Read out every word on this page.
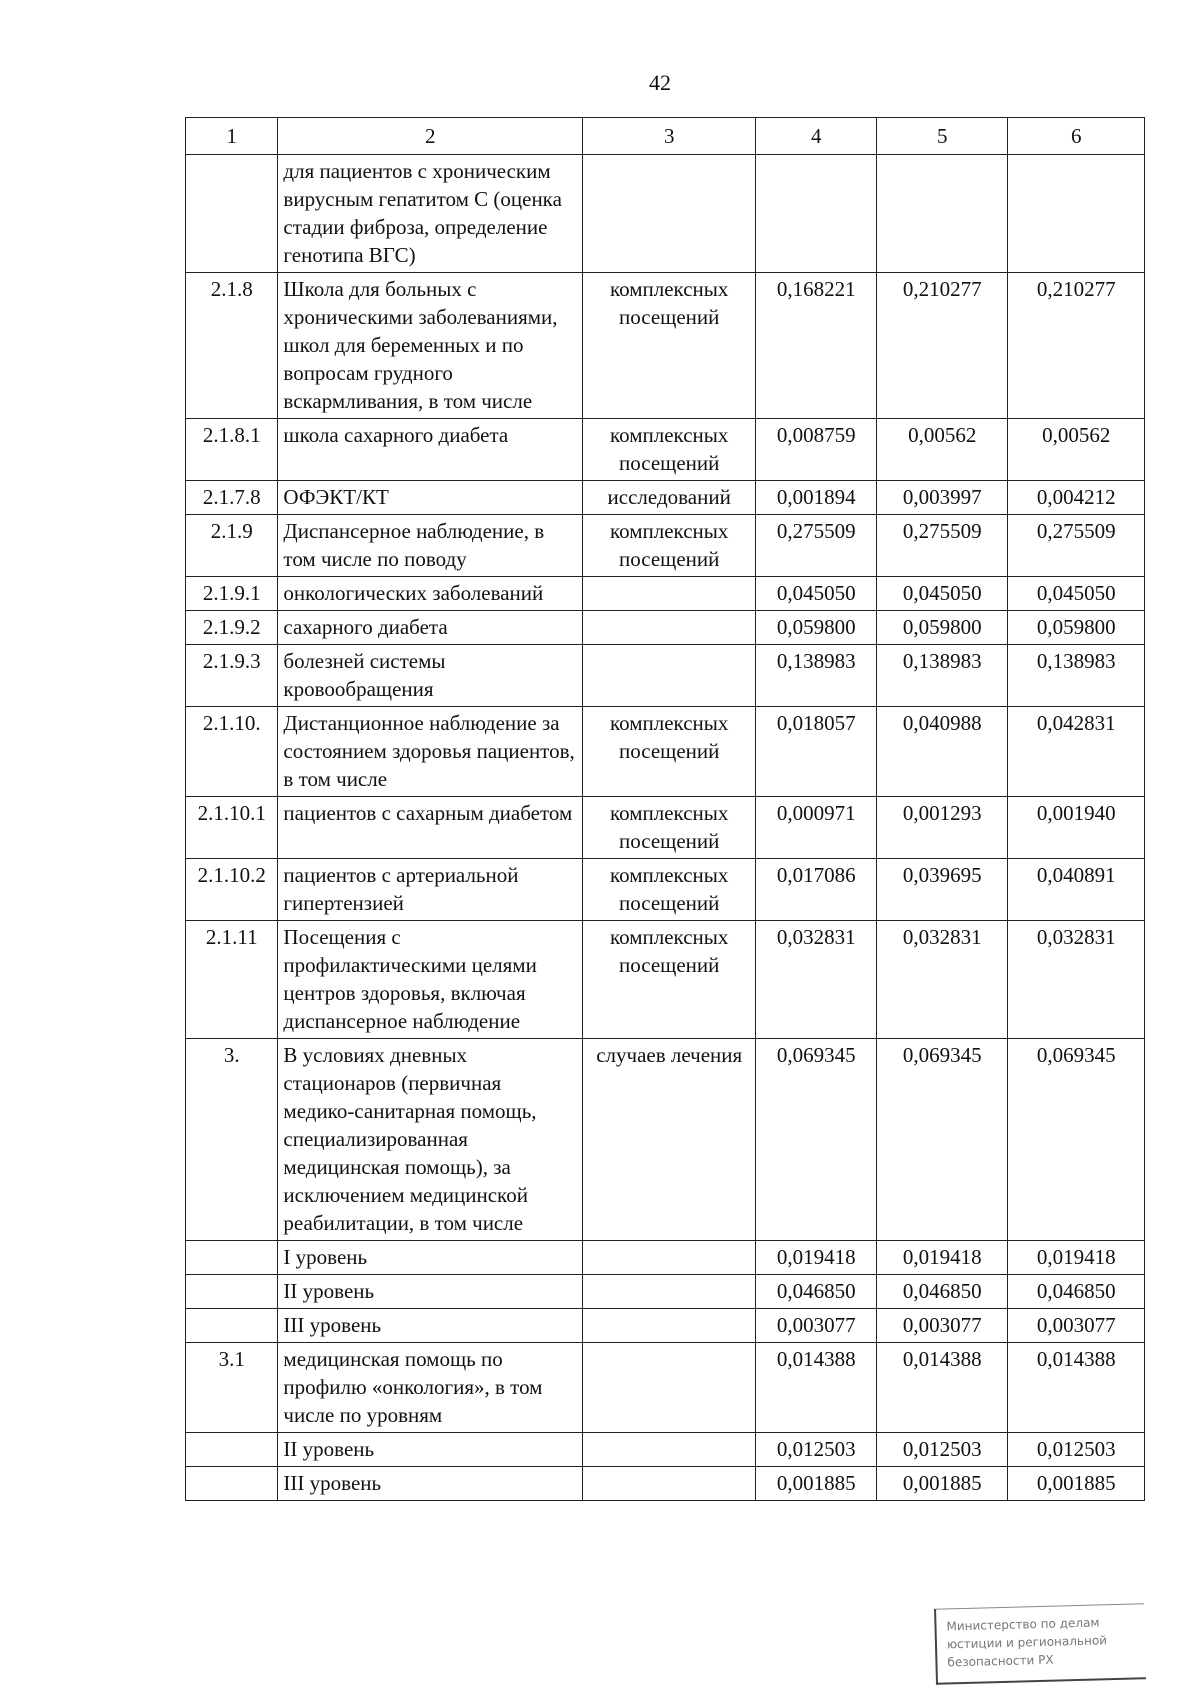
42
1	2	3	4	5	6
	для пациентов с хроническим вирусным гепатитом С (оценка стадии фиброза, определение генотипа ВГС)				
2.1.8	Школа для больных с хроническими заболеваниями, школ для беременных и по вопросам грудного вскармливания, в том числе	комплексных посещений	0,168221	0,210277	0,210277
2.1.8.1	школа сахарного диабета	комплексных посещений	0,008759	0,00562	0,00562
2.1.7.8	ОФЭКТ/КТ	исследований	0,001894	0,003997	0,004212
2.1.9	Диспансерное наблюдение, в том числе по поводу	комплексных посещений	0,275509	0,275509	0,275509
2.1.9.1	онкологических заболеваний		0,045050	0,045050	0,045050
2.1.9.2	сахарного диабета		0,059800	0,059800	0,059800
2.1.9.3	болезней системы кровообращения		0,138983	0,138983	0,138983
2.1.10.	Дистанционное наблюдение за состоянием здоровья пациентов, в том числе	комплексных посещений	0,018057	0,040988	0,042831
2.1.10.1	пациентов с сахарным диабетом	комплексных посещений	0,000971	0,001293	0,001940
2.1.10.2	пациентов с артериальной гипертензией	комплексных посещений	0,017086	0,039695	0,040891
2.1.11	Посещения с профилактическими целями центров здоровья, включая диспансерное наблюдение	комплексных посещений	0,032831	0,032831	0,032831
3.	В условиях дневных стационаров (первичная медико-санитарная помощь, специализированная медицинская помощь), за исключением медицинской реабилитации, в том числе	случаев лечения	0,069345	0,069345	0,069345
	I уровень		0,019418	0,019418	0,019418
	II уровень		0,046850	0,046850	0,046850
	III уровень		0,003077	0,003077	0,003077
3.1	медицинская помощь по профилю «онкология», в том числе по уровням		0,014388	0,014388	0,014388
	II уровень		0,012503	0,012503	0,012503
	III уровень		0,001885	0,001885	0,001885
Министерство по делам
юстиции и региональной
безопасности РХ
